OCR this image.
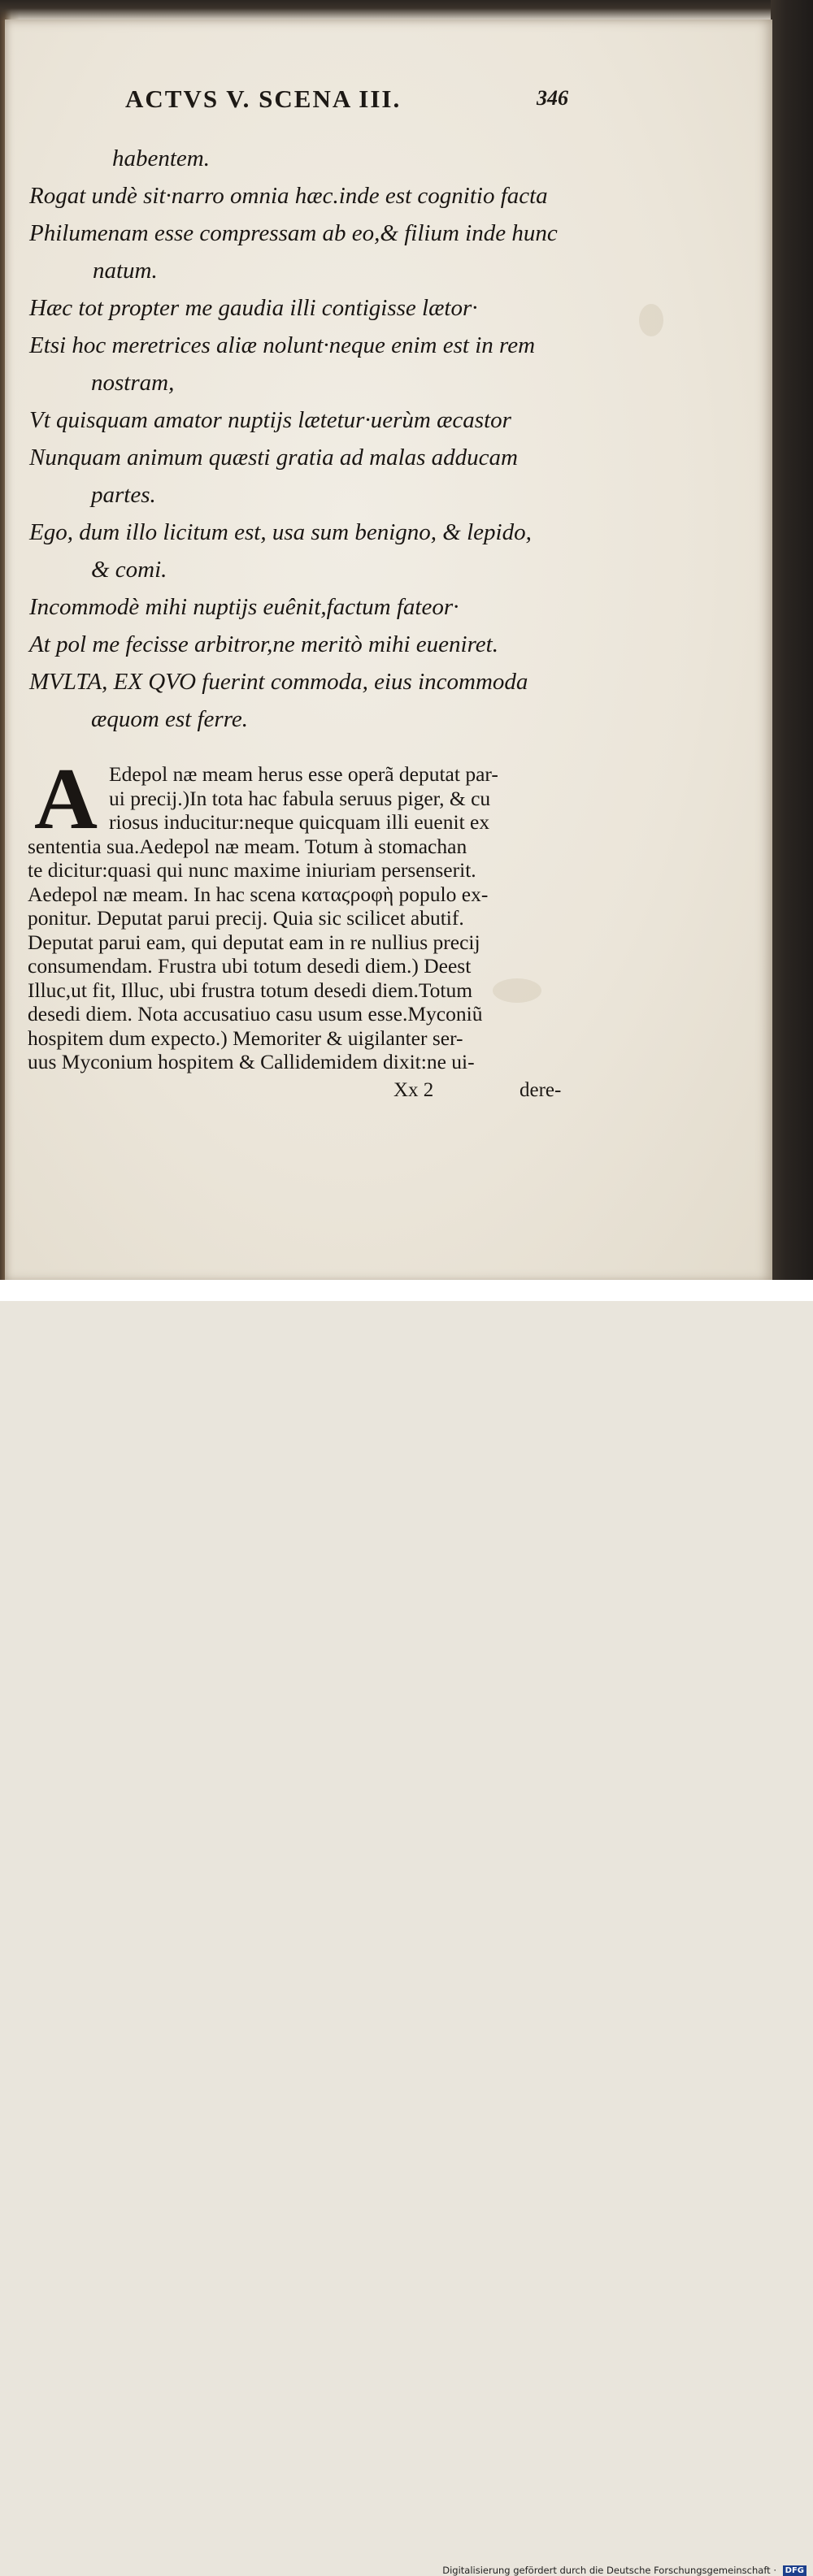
ACTVS V. SCENA III.	346
habentem.
Rogat undè sit·narro omnia hæc.inde est cognitio facta
Philumenam esse compressam ab eo,& filium inde hunc
natum.
Hæc tot propter me gaudia illi contigisse lætor·
Etsi hoc meretrices aliæ nolunt·neque enim est in rem
nostram,
Vt quisquam amator nuptijs lætetur·uerùm æcastor
Nunquam animum quæsti gratia ad malas adducam
partes.
Ego, dum illo licitum est, usa sum benigno, & lepido,
& comi.
Incommodè mihi nuptijs euênit,factum fateor·
At pol me fecisse arbitror,ne meritò mihi eueniret.
MVLTA, EX QVO fuerint commoda, eius incommoda
æquom est ferre.
A Edepol næ meam herus esse operã deputat par-
ui precij.)In tota hac fabula seruus piger, & cu
riosus inducitur:neque quicquam illi euenit ex
sententia sua.Aedepol næ meam. Totum à stomachan
te dicitur:quasi qui nunc maxime iniuriam persenserit.
Aedepol næ meam. In hac scena καταϛροφὴ populo ex-
ponitur. Deputat parui precij. Quia sic scilicet abutif.
Deputat parui eam, qui deputat eam in re nullius precij
consumendam. Frustra ubi totum desedi diem.) Deest
Illuc,ut fit, Illuc, ubi frustra totum desedi diem.Totum
desedi diem. Nota accusatiuo casu usum esse.Myconiũ
hospitem dum expecto.) Memoriter & uigilanter ser-
uus Myconium hospitem & Callidemidem dixit:ne ui-
Xx 2	dere-
Digitalisierung gefördert durch die Deutsche Forschungsgemeinschaft · DFG
